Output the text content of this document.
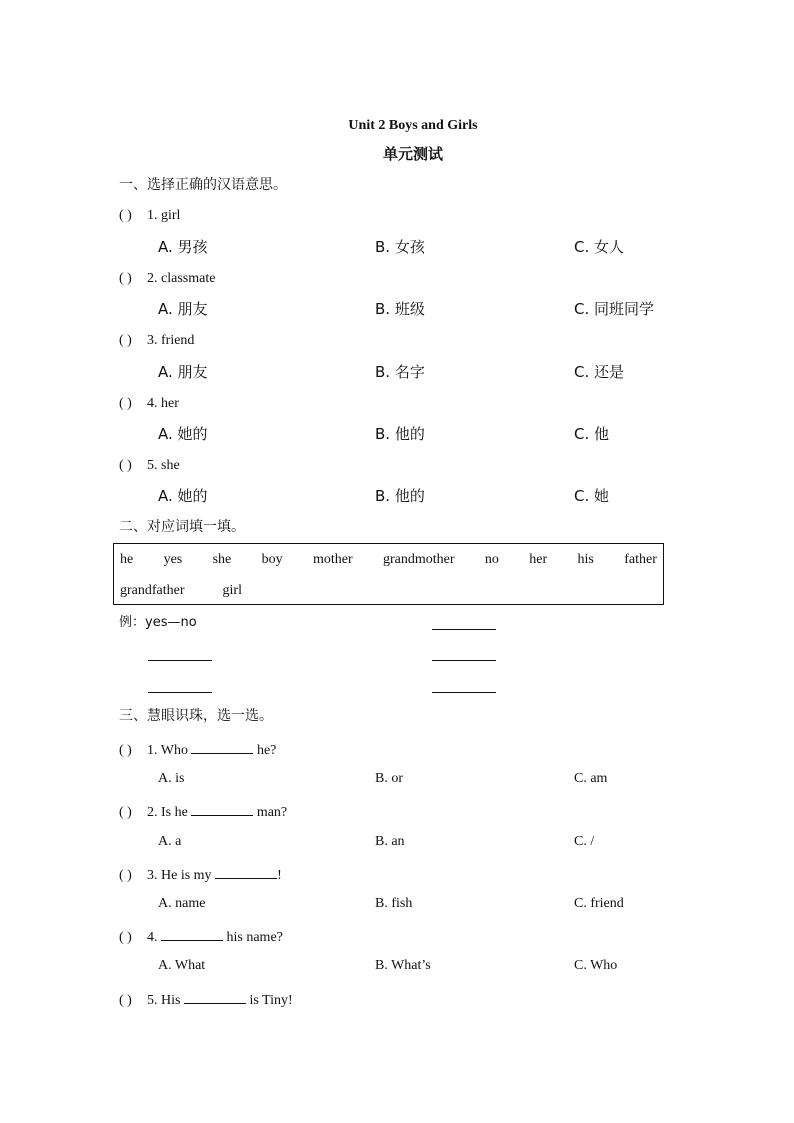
Unit 2 Boys and Girls
单元测试
一、选择正确的汉语意思。
( ) 1. girl
A. 男孩	B. 女孩	C. 女人
( ) 2. classmate
A. 朋友	B. 班级	C. 同班同学
( ) 3. friend
A. 朋友	B. 名字	C. 还是
( ) 4. her
A. 她的	B. 他的	C. 他
( ) 5. she
A. 她的	B. 他的	C. 她
二、对应词填一填。
he yes she boy mother grandmother no her his father
grandfather	girl
例：yes—no
三、慧眼识珠，选一选。
( ) 1. Who	he?
A. is	B. or	C. am
( ) 2. Is he	man?
A. a	B. an	C. /
( ) 3. He is my	!
A. name	B. fish	C. friend
( ) 4.	his name?
A. What	B. What’s	C. Who
( ) 5. His	is Tiny!
